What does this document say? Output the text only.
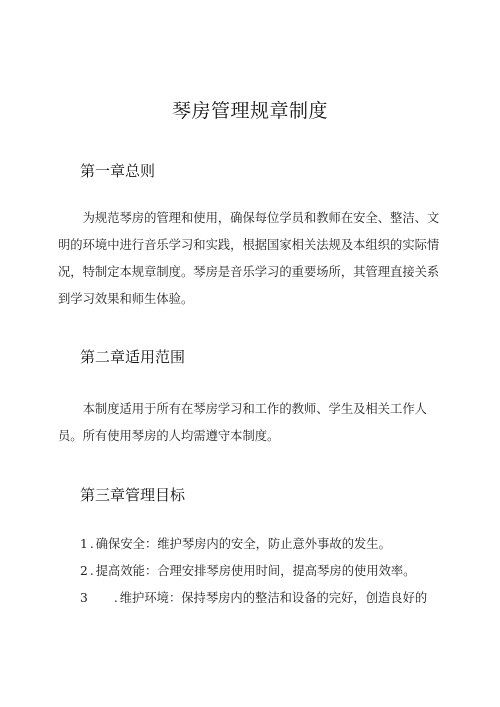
琴房管理规章制度
第一章总则

为规范琴房的管理和使用，确保每位学员和教师在安全、整洁、文明的环境中进行音乐学习和实践，根据国家相关法规及本组织的实际情况，特制定本规章制度。琴房是音乐学习的重要场所，其管理直接关系到学习效果和师生体验。

第二章适用范围

本制度适用于所有在琴房学习和工作的教师、学生及相关工作人员。所有使用琴房的人均需遵守本制度。

第三章管理目标
1 . 确保安全：维护琴房内的安全，防止意外事故的发生。
2 . 提高效能：合理安排琴房使用时间，提高琴房的使用效率。
3 . 维护环境：保持琴房内的整洁和设备的完好，创造良好的
